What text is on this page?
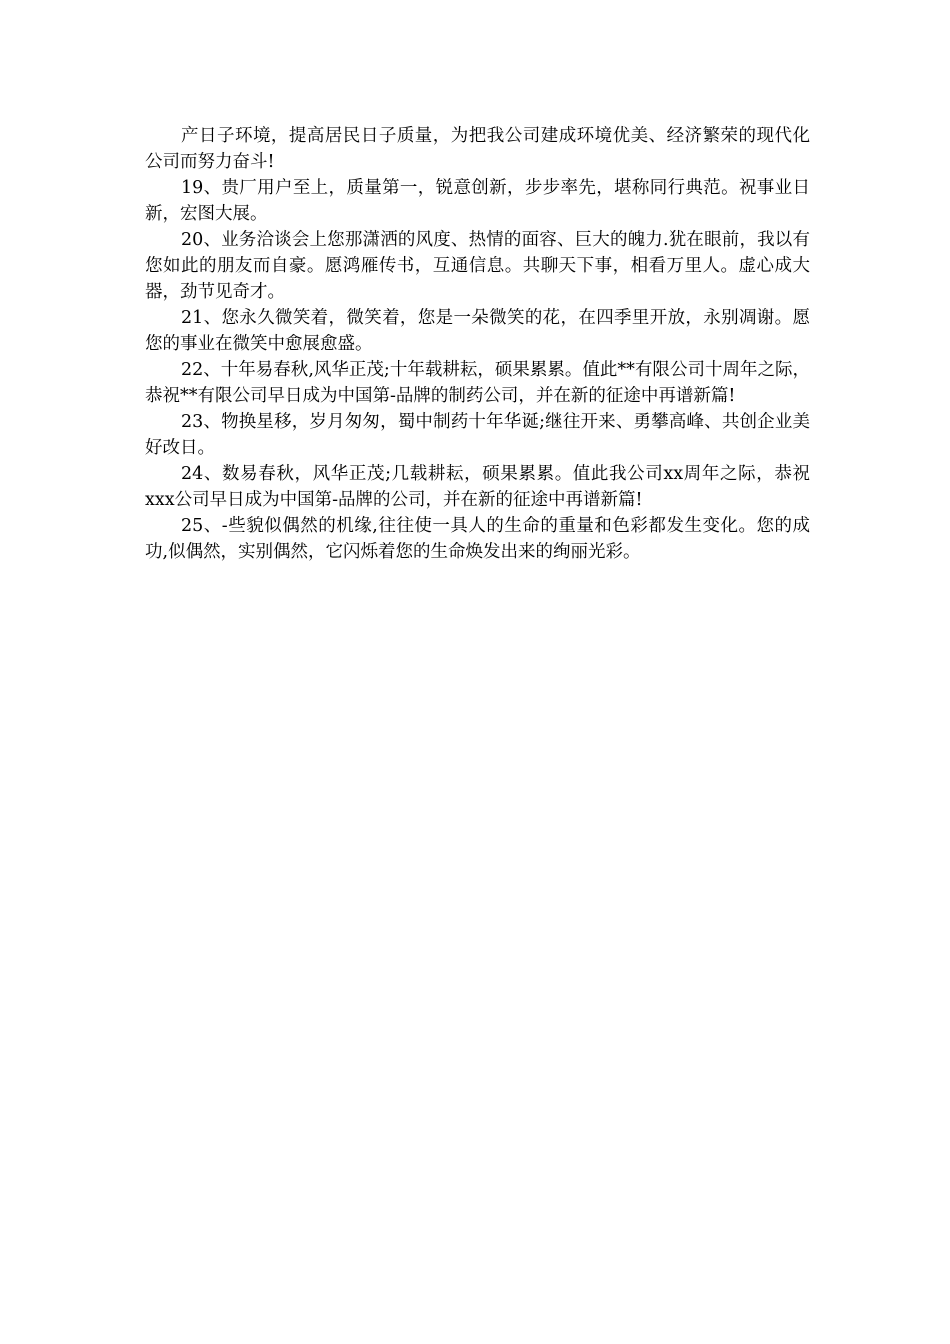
产日子环境，提高居民日子质量，为把我公司建成环境优美、经济繁荣的现代化公司而努力奋斗!

19、贵厂用户至上，质量第一，锐意创新，步步率先，堪称同行典范。祝事业日新，宏图大展。

20、业务洽谈会上您那潇洒的风度、热情的面容、巨大的魄力.犹在眼前，我以有您如此的朋友而自豪。愿鸿雁传书，互通信息。共聊天下事，相看万里人。虚心成大器，劲节见奇才。

21、您永久微笑着，微笑着，您是一朵微笑的花，在四季里开放，永别凋谢。愿您的事业在微笑中愈展愈盛。

22、十年易春秋,风华正茂;十年载耕耘，硕果累累。值此**有限公司十周年之际，恭祝**有限公司早日成为中国第-品牌的制药公司，并在新的征途中再谱新篇!

23、物换星移，岁月匆匆，蜀中制药十年华诞;继往开来、勇攀高峰、共创企业美好改日。

24、数易春秋，风华正茂;几载耕耘，硕果累累。值此我公司xx周年之际，恭祝xxx公司早日成为中国第-品牌的公司，并在新的征途中再谱新篇!

25、-些貌似偶然的机缘,往往使一具人的生命的重量和色彩都发生变化。您的成功,似偶然，实别偶然，它闪烁着您的生命焕发出来的绚丽光彩。
